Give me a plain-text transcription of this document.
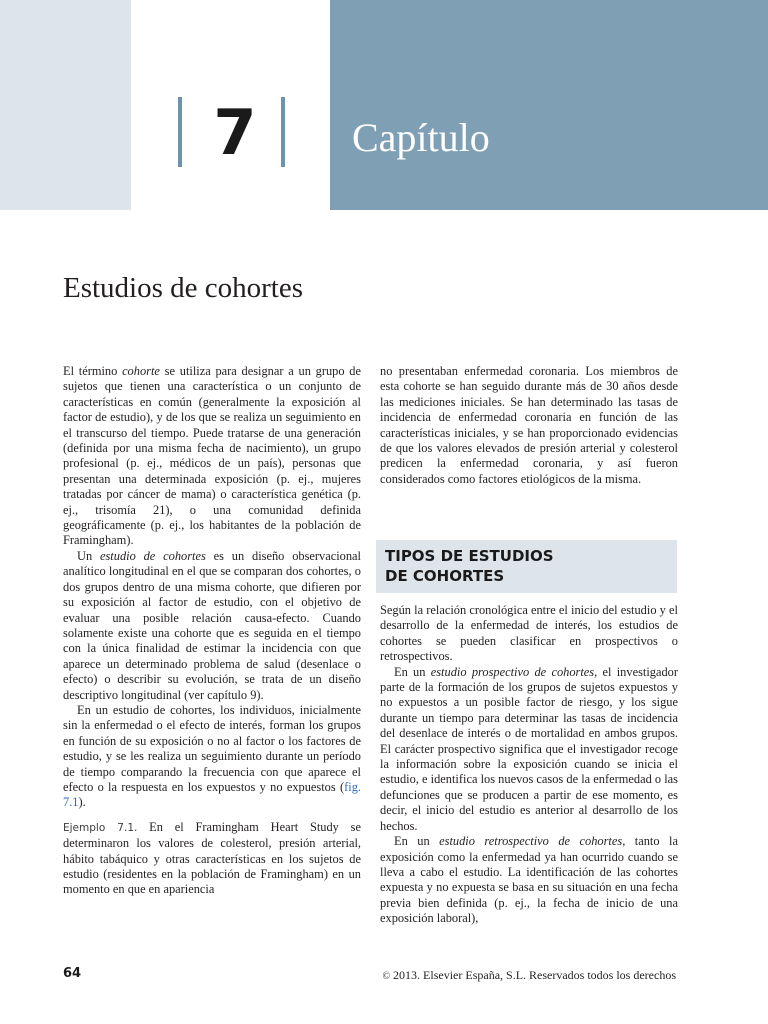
7	Capítulo
Estudios de cohortes

El término cohorte se utiliza para designar a un grupo de sujetos que tienen una característica o un conjunto de características en común (generalmente la exposición al factor de estudio), y de los que se realiza un seguimiento en el transcurso del tiempo. Puede tratarse de una generación (definida por una misma fecha de nacimiento), un grupo profesional (p. ej., médicos de un país), personas que presentan una determinada exposición (p. ej., mujeres tratadas por cáncer de mama) o característica genética (p. ej., trisomía 21), o una comunidad definida geográficamente (p. ej., los habitantes de la población de Framingham).

Un estudio de cohortes es un diseño observacional analítico longitudinal en el que se comparan dos cohortes, o dos grupos dentro de una misma cohorte, que difieren por su exposición al factor de estudio, con el objetivo de evaluar una posible relación causa-efecto. Cuando solamente existe una cohorte que es seguida en el tiempo con la única finalidad de estimar la incidencia con que aparece un determinado problema de salud (desenlace o efecto) o describir su evolución, se trata de un diseño descriptivo longitudinal (ver capítulo 9).

En un estudio de cohortes, los individuos, inicialmente sin la enfermedad o el efecto de interés, forman los grupos en función de su exposición o no al factor o los factores de estudio, y se les realiza un seguimiento durante un período de tiempo comparando la frecuencia con que aparece el efecto o la respuesta en los expuestos y no expuestos (fig. 7.1).

Ejemplo 7.1. En el Framingham Heart Study se determinaron los valores de colesterol, presión arterial, hábito tabáquico y otras características en los sujetos de estudio (residentes en la población de Framingham) en un momento en que en apariencia

no presentaban enfermedad coronaria. Los miembros de esta cohorte se han seguido durante más de 30 años desde las mediciones iniciales. Se han determinado las tasas de incidencia de enfermedad coronaria en función de las características iniciales, y se han proporcionado evidencias de que los valores elevados de presión arterial y colesterol predicen la enfermedad coronaria, y así fueron considerados como factores etiológicos de la misma.

TIPOS DE ESTUDIOS
DE COHORTES

Según la relación cronológica entre el inicio del estudio y el desarrollo de la enfermedad de interés, los estudios de cohortes se pueden clasificar en prospectivos o retrospectivos.

En un estudio prospectivo de cohortes, el investigador parte de la formación de los grupos de sujetos expuestos y no expuestos a un posible factor de riesgo, y los sigue durante un tiempo para determinar las tasas de incidencia del desenlace de interés o de mortalidad en ambos grupos. El carácter prospectivo significa que el investigador recoge la información sobre la exposición cuando se inicia el estudio, e identifica los nuevos casos de la enfermedad o las defunciones que se producen a partir de ese momento, es decir, el inicio del estudio es anterior al desarrollo de los hechos.

En un estudio retrospectivo de cohortes, tanto la exposición como la enfermedad ya han ocurrido cuando se lleva a cabo el estudio. La identificación de las cohortes expuesta y no expuesta se basa en su situación en una fecha previa bien definida (p. ej., la fecha de inicio de una exposición laboral),

64	© 2013. Elsevier España, S.L. Reservados todos los derechos
